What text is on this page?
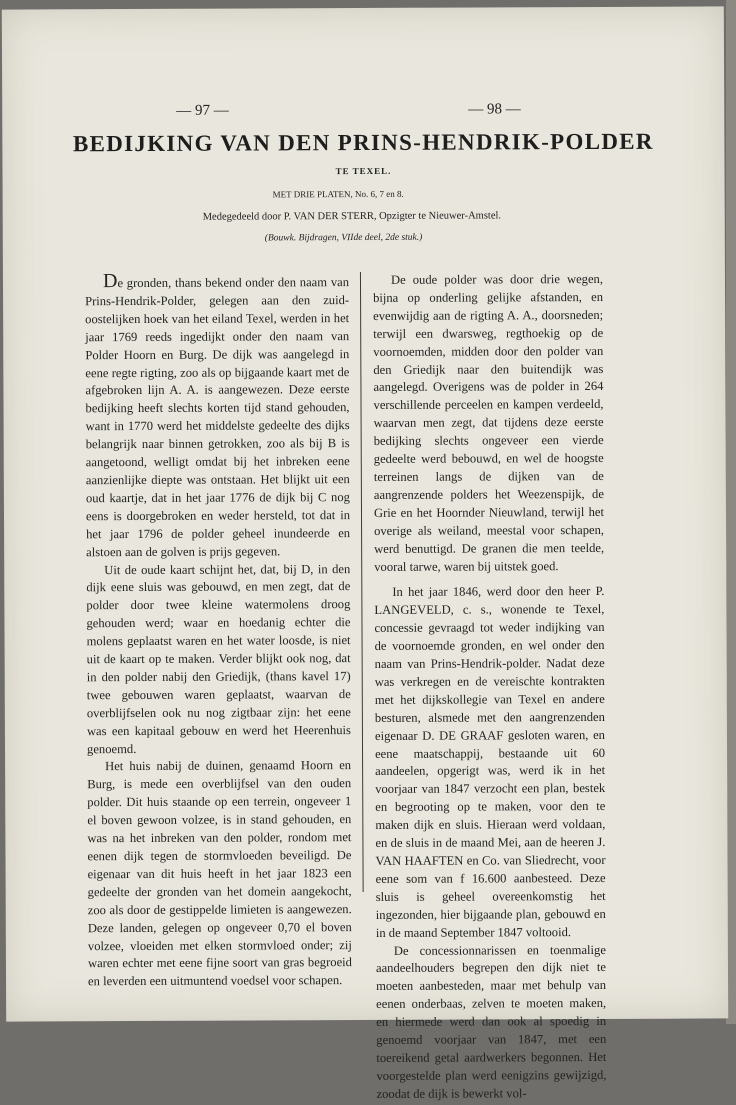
— 97 —	— 98 —
BEDIJKING VAN DEN PRINS-HENDRIK-POLDER
TE TEXEL.
MET DRIE PLATEN, No. 6, 7 en 8.
Medegedeeld door P. VAN DER STERR, Opzigter te Nieuwer-Amstel.
(Bouwk. Bijdragen, VIIde deel, 2de stuk.)

De gronden, thans bekend onder den naam van Prins-Hendrik-Polder, gelegen aan den zuid-oostelijken hoek van het eiland Texel, werden in het jaar 1769 reeds ingedijkt onder den naam van Polder Hoorn en Burg. De dijk was aangelegd in eene regte rigting, zoo als op bijgaande kaart met de afgebroken lijn A. A. is aangewezen. Deze eerste bedijking heeft slechts korten tijd stand gehouden, want in 1770 werd het middelste gedeelte des dijks belangrijk naar binnen getrokken, zoo als bij B is aangetoond, welligt omdat bij het inbreken eene aanzienlijke diepte was ontstaan. Het blijkt uit een oud kaartje, dat in het jaar 1776 de dijk bij C nog eens is doorgebroken en weder hersteld, tot dat in het jaar 1796 de polder geheel inundeerde en alstoen aan de golven is prijs gegeven.

Uit de oude kaart schijnt het, dat, bij D, in den dijk eene sluis was gebouwd, en men zegt, dat de polder door twee kleine watermolens droog gehouden werd; waar en hoedanig echter die molens geplaatst waren en het water loosde, is niet uit de kaart op te maken. Verder blijkt ook nog, dat in den polder nabij den Griedijk, (thans kavel 17) twee gebouwen waren geplaatst, waarvan de overblijfselen ook nu nog zigtbaar zijn: het eene was een kapitaal gebouw en werd het Heerenhuis genoemd.

Het huis nabij de duinen, genaamd Hoorn en Burg, is mede een overblijfsel van den ouden polder. Dit huis staande op een terrein, ongeveer 1 el boven gewoon volzee, is in stand gehouden, en was na het inbreken van den polder, rondom met eenen dijk tegen de stormvloeden beveiligd. De eigenaar van dit huis heeft in het jaar 1823 een gedeelte der gronden van het domein aangekocht, zoo als door de gestippelde limieten is aangewezen. Deze landen, gelegen op ongeveer 0,70 el boven volzee, vloeiden met elken stormvloed onder; zij waren echter met eene fijne soort van gras begroeid en leverden een uitmuntend voedsel voor schapen.

De oude polder was door drie wegen, bijna op onderling gelijke afstanden, en evenwijdig aan de rigting A. A., doorsneden; terwijl een dwarsweg, regthoekig op de voornoemden, midden door den polder van den Griedijk naar den buitendijk was aangelegd. Overigens was de polder in 264 verschillende perceelen en kampen verdeeld, waarvan men zegt, dat tijdens deze eerste bedijking slechts ongeveer een vierde gedeelte werd bebouwd, en wel de hoogste terreinen langs de dijken van de aangrenzende polders het Weezenspijk, de Grie en het Hoornder Nieuwland, terwijl het overige als weiland, meestal voor schapen, werd benuttigd. De granen die men teelde, vooral tarwe, waren bij uitstek goed.

In het jaar 1846, werd door den heer P. LANGEVELD, c. s., wonende te Texel, concessie gevraagd tot weder indijking van de voornoemde gronden, en wel onder den naam van Prins-Hendrik-polder. Nadat deze was verkregen en de vereischte kontrakten met het dijkskollegie van Texel en andere besturen, alsmede met den aangrenzenden eigenaar D. DE GRAAF gesloten waren, en eene maatschappij, bestaande uit 60 aandeelen, opgerigt was, werd ik in het voorjaar van 1847 verzocht een plan, bestek en begrooting op te maken, voor den te maken dijk en sluis. Hieraan werd voldaan, en de sluis in de maand Mei, aan de heeren J. VAN HAAFTEN en Co. van Sliedrecht, voor eene som van f 16.600 aanbesteed. Deze sluis is geheel overeenkomstig het ingezonden, hier bijgaande plan, gebouwd en in de maand September 1847 voltooid.

De concessionnarissen en toenmalige aandeelhouders begrepen den dijk niet te moeten aanbesteden, maar met behulp van eenen onderbaas, zelven te moeten maken, en hiermede werd dan ook al spoedig in genoemd voorjaar van 1847, met een toereikend getal aardwerkers begonnen. Het voorgestelde plan werd eenigzins gewijzigd, zoodat de dijk is bewerkt vol-
